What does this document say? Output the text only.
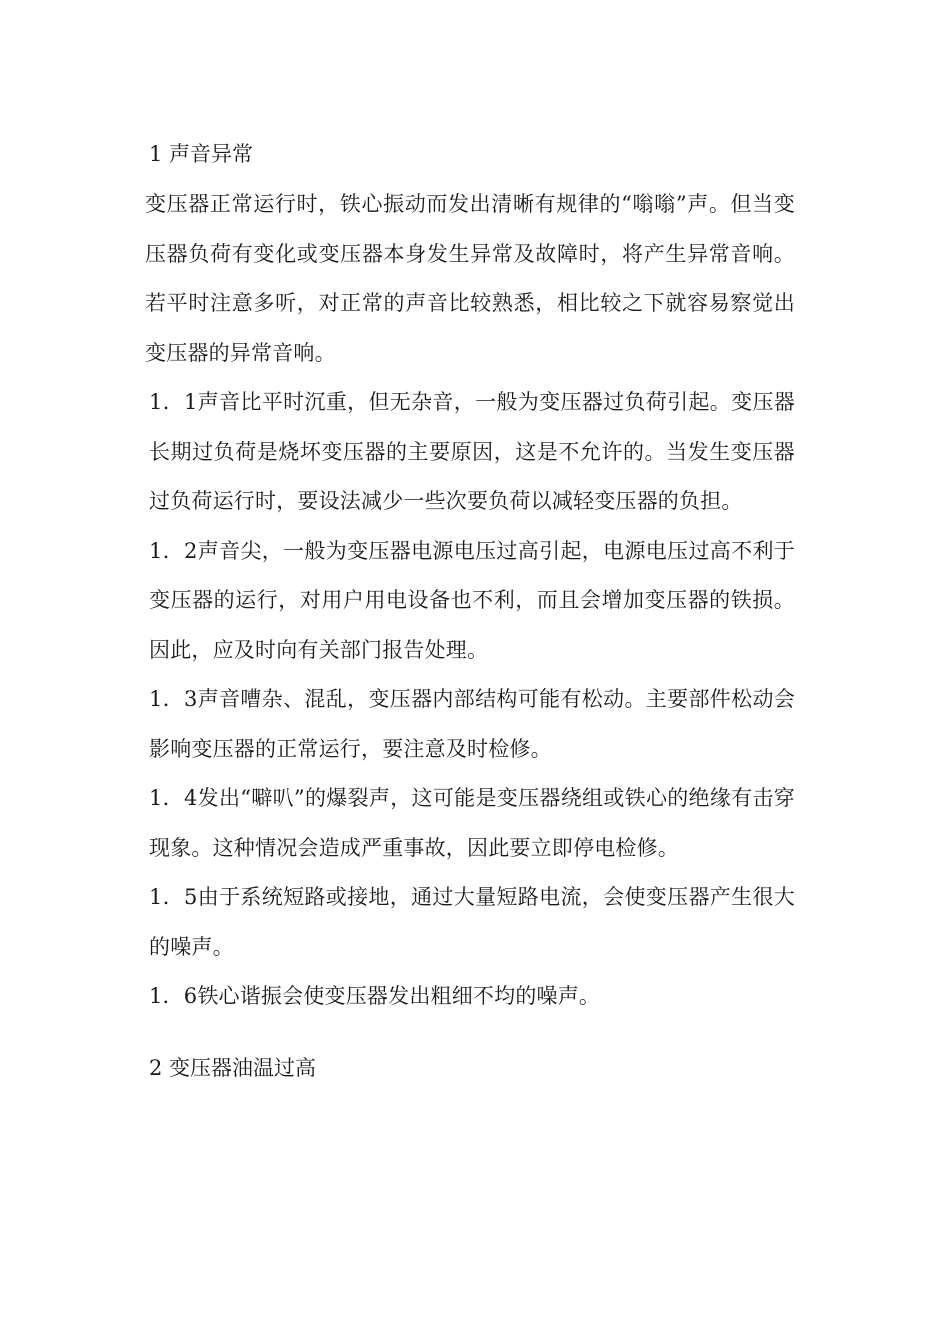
1 声音异常

变压器正常运行时，铁心振动而发出清晰有规律的“嗡嗡”声。但当变压器负荷有变化或变压器本身发生异常及故障时，将产生异常音响。若平时注意多听，对正常的声音比较熟悉，相比较之下就容易察觉出变压器的异常音响。

1．1声音比平时沉重，但无杂音，一般为变压器过负荷引起。变压器长期过负荷是烧坏变压器的主要原因，这是不允许的。当发生变压器过负荷运行时，要设法减少一些次要负荷以减轻变压器的负担。

1．2声音尖，一般为变压器电源电压过高引起，电源电压过高不利于变压器的运行，对用户用电设备也不利，而且会增加变压器的铁损。因此，应及时向有关部门报告处理。

1．3声音嘈杂、混乱，变压器内部结构可能有松动。主要部件松动会影响变压器的正常运行，要注意及时检修。

1．4发出“噼叭”的爆裂声，这可能是变压器绕组或铁心的绝缘有击穿现象。这种情况会造成严重事故，因此要立即停电检修。

1．5由于系统短路或接地，通过大量短路电流，会使变压器产生很大的噪声。

1．6铁心谐振会使变压器发出粗细不均的噪声。

2 变压器油温过高
